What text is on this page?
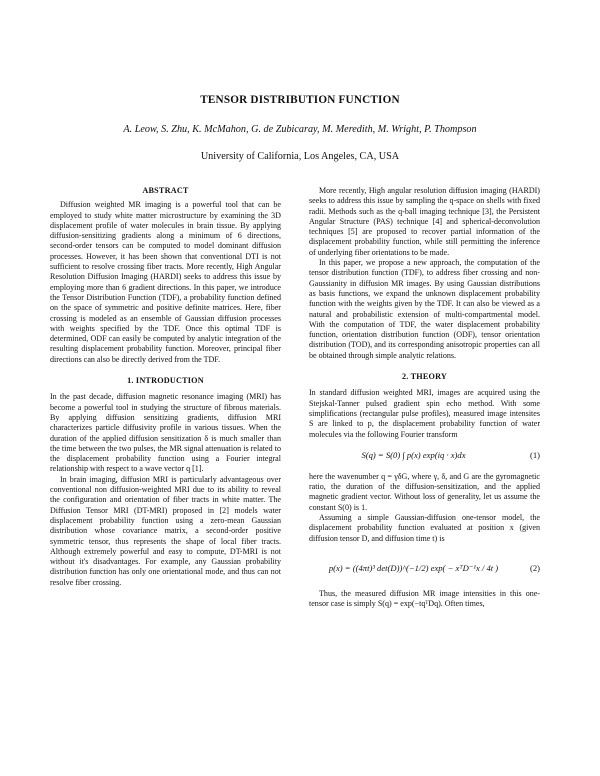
TENSOR DISTRIBUTION FUNCTION
A. Leow, S. Zhu, K. McMahon, G. de Zubicaray, M. Meredith, M. Wright, P. Thompson
University of California, Los Angeles, CA, USA
ABSTRACT

Diffusion weighted MR imaging is a powerful tool that can be employed to study white matter microstructure by examining the 3D displacement profile of water molecules in brain tissue. By applying diffusion-sensitizing gradients along a minimum of 6 directions, second-order tensors can be computed to model dominant diffusion processes. However, it has been shown that conventional DTI is not sufficient to resolve crossing fiber tracts. More recently, High Angular Resolution Diffusion Imaging (HARDI) seeks to address this issue by employing more than 6 gradient directions. In this paper, we introduce the Tensor Distribution Function (TDF), a probability function defined on the space of symmetric and positive definite matrices. Here, fiber crossing is modeled as an ensemble of Gaussian diffusion processes with weights specified by the TDF. Once this optimal TDF is determined, ODF can easily be computed by analytic integration of the resulting displacement probability function. Moreover, principal fiber directions can also be directly derived from the TDF.

1. INTRODUCTION

In the past decade, diffusion magnetic resonance imaging (MRI) has become a powerful tool in studying the structure of fibrous materials. By applying diffusion sensitizing gradients, diffusion MRI characterizes particle diffusivity profile in various tissues. When the duration of the applied diffusion sensitization δ is much smaller than the time between the two pulses, the MR signal attenuation is related to the displacement probability function using a Fourier integral relationship with respect to a wave vector q [1].

In brain imaging, diffusion MRI is particularly advantageous over conventional non diffusion-weighted MRI due to its ability to reveal the configuration and orientation of fiber tracts in white matter. The Diffusion Tensor MRI (DT-MRI) proposed in [2] models water displacement probability function using a zero-mean Gaussian distribution whose covariance matrix, a second-order positive symmetric tensor, thus represents the shape of local fiber tracts. Although extremely powerful and easy to compute, DT-MRI is not without it's disadvantages. For example, any Gaussian probability distribution function has only one orientational mode, and thus can not resolve fiber crossing.

More recently, High angular resolution diffusion imaging (HARDI) seeks to address this issue by sampling the q-space on shells with fixed radii. Methods such as the q-ball imaging technique [3], the Persistent Angular Structure (PAS) technique [4] and spherical-deconvolution techniques [5] are proposed to recover partial information of the displacement probability function, while still permitting the inference of underlying fiber orientations to be made.

In this paper, we propose a new approach, the computation of the tensor distribution function (TDF), to address fiber crossing and non-Gaussianity in diffusion MR images. By using Gaussian distributions as basis functions, we expand the unknown displacement probability function with the weights given by the TDF. It can also be viewed as a natural and probabilistic extension of multi-compartmental model. With the computation of TDF, the water displacement probability function, orientation distribution function (ODF), tensor orientation distribution (TOD), and its corresponding anisotropic properties can all be obtained through simple analytic relations.

2. THEORY

In standard diffusion weighted MRI, images are acquired using the Stejskal-Tanner pulsed gradient spin echo method. With some simplifications (rectangular pulse profiles), measured image intensites S are linked to p, the displacement probability function of water molecules via the following Fourier transform

S(q) = S(0) ∫ p(x) exp(iq · x)dx	(1)

here the wavenumber q = γδG, where γ, δ, and G are the gyromagnetic ratio, the duration of the diffusion-sensitization, and the applied magnetic gradient vector. Without loss of generality, let us assume the constant S(0) is 1.

Assuming a simple Gaussian-diffusion one-tensor model, the displacement probability function evaluated at position x (given diffusion tensor D, and diffusion time t) is

p(x) = ((4πt)³ det(D))^(−1/2) exp( − xᵀD⁻¹x / 4t )	(2)

Thus, the measured diffusion MR image intensities in this one-tensor case is simply S(q) = exp(−tqᵀDq). Often times,
